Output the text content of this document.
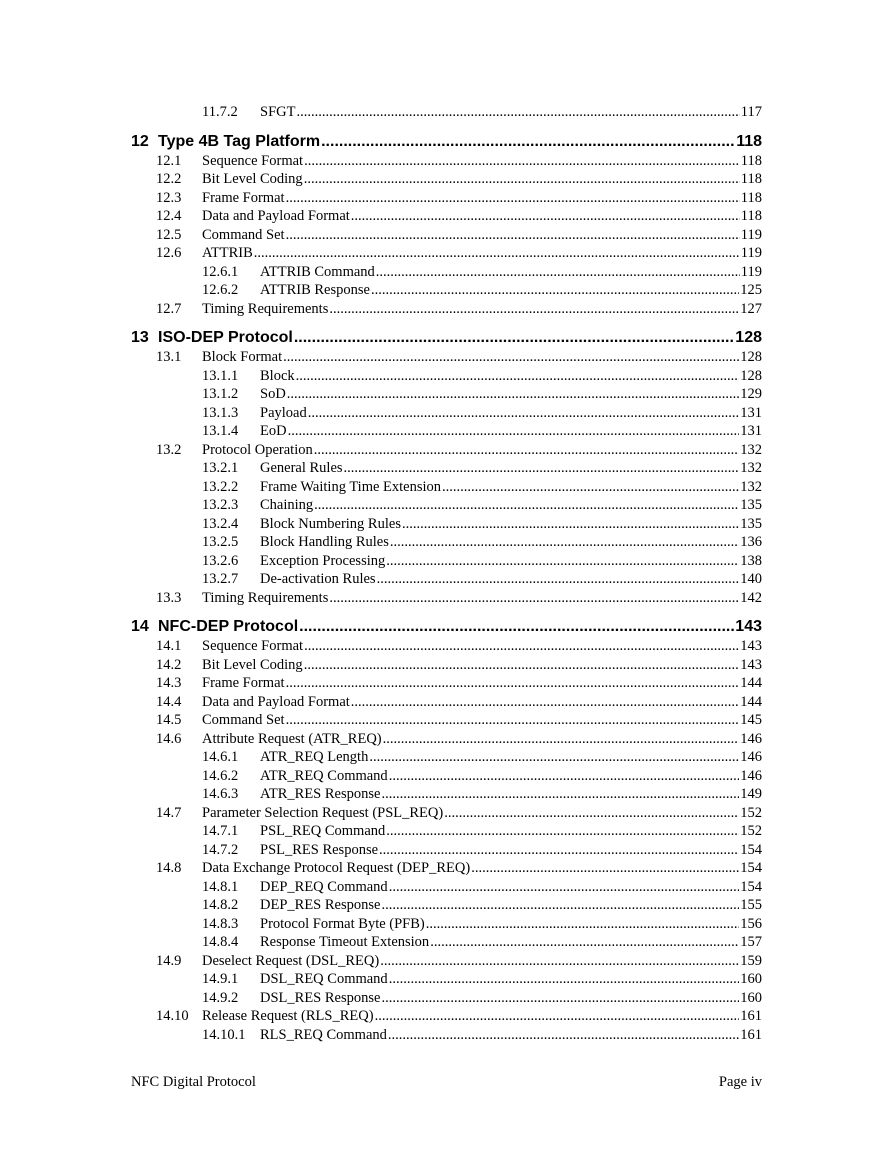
11.7.2 SFGT .....	117
12 Type 4B Tag Platform .....	118
12.1 Sequence Format .....	118
12.2 Bit Level Coding .....	118
12.3 Frame Format .....	118
12.4 Data and Payload Format .....	118
12.5 Command Set .....	119
12.6 ATTRIB .....	119
12.6.1 ATTRIB Command .....	119
12.6.2 ATTRIB Response .....	125
12.7 Timing Requirements .....	127
13 ISO-DEP Protocol .....	128
13.1 Block Format .....	128
13.1.1 Block .....	128
13.1.2 SoD .....	129
13.1.3 Payload .....	131
13.1.4 EoD .....	131
13.2 Protocol Operation .....	132
13.2.1 General Rules .....	132
13.2.2 Frame Waiting Time Extension .....	132
13.2.3 Chaining .....	135
13.2.4 Block Numbering Rules .....	135
13.2.5 Block Handling Rules .....	136
13.2.6 Exception Processing .....	138
13.2.7 De-activation Rules .....	140
13.3 Timing Requirements .....	142
14 NFC-DEP Protocol .....	143
14.1 Sequence Format .....	143
14.2 Bit Level Coding .....	143
14.3 Frame Format .....	144
14.4 Data and Payload Format .....	144
14.5 Command Set .....	145
14.6 Attribute Request (ATR_REQ) .....	146
14.6.1 ATR_REQ Length .....	146
14.6.2 ATR_REQ Command .....	146
14.6.3 ATR_RES Response .....	149
14.7 Parameter Selection Request (PSL_REQ) .....	152
14.7.1 PSL_REQ Command .....	152
14.7.2 PSL_RES Response .....	154
14.8 Data Exchange Protocol Request (DEP_REQ) .....	154
14.8.1 DEP_REQ Command .....	154
14.8.2 DEP_RES Response .....	155
14.8.3 Protocol Format Byte (PFB) .....	156
14.8.4 Response Timeout Extension .....	157
14.9 Deselect Request (DSL_REQ) .....	159
14.9.1 DSL_REQ Command .....	160
14.9.2 DSL_RES Response .....	160
14.10 Release Request (RLS_REQ) .....	161
14.10.1 RLS_REQ Command .....	161
NFC Digital Protocol	Page iv
